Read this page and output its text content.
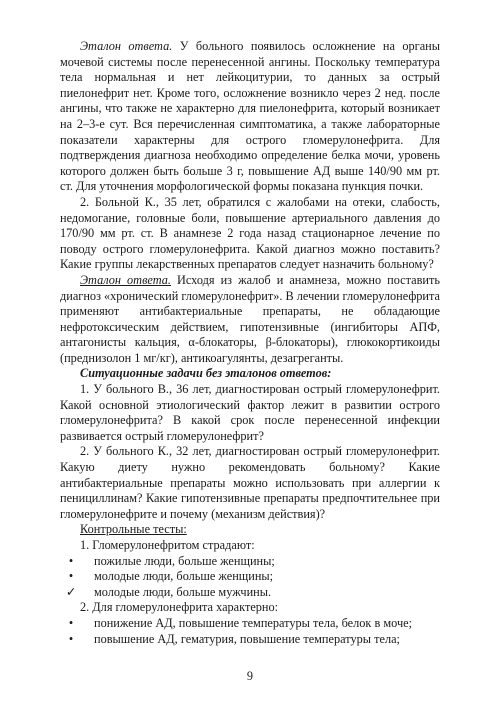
Эталон ответа. У больного появилось осложнение на органы мочевой системы после перенесенной ангины. Поскольку температура тела нормальная и нет лейкоцитурии, то данных за острый пиелонефрит нет. Кроме того, осложнение возникло через 2 нед. после ангины, что также не характерно для пиелонефрита, который возникает на 2–3-е сут. Вся перечисленная симптоматика, а также лабораторные показатели характерны для острого гломерулонефрита. Для подтверждения диагноза необходимо определение белка мочи, уровень которого должен быть больше 3 г, повышение АД выше 140/90 мм рт. ст. Для уточнения морфологической формы показана пункция почки.

2. Больной К., 35 лет, обратился с жалобами на отеки, слабость, недомогание, головные боли, повышение артериального давления до 170/90 мм рт. ст. В анамнезе 2 года назад стационарное лечение по поводу острого гломерулонефрита. Какой диагноз можно поставить? Какие группы лекарственных препаратов следует назначить больному?

Эталон ответа. Исходя из жалоб и анамнеза, можно поставить диагноз «хронический гломерулонефрит». В лечении гломерулонефрита применяют антибактериальные препараты, не обладающие нефротоксическим действием, гипотензивные (ингибиторы АПФ, антагонисты кальция, α-блокаторы, β-блокаторы), глюкокортикоиды (преднизолон 1 мг/кг), антикоагулянты, дезагреганты.

Ситуационные задачи без эталонов ответов:

1. У больного В., 36 лет, диагностирован острый гломерулонефрит. Какой основной этиологический фактор лежит в развитии острого гломерулонефрита? В какой срок после перенесенной инфекции развивается острый гломерулонефрит?

2. У больного К., 32 лет, диагностирован острый гломерулонефрит. Какую диету нужно рекомендовать больному? Какие антибактериальные препараты можно использовать при аллергии к пенициллинам? Какие гипотензивные препараты предпочтительнее при гломерулонефрите и почему (механизм действия)?

Контрольные тесты:

1. Гломерулонефритом страдают:

•	пожилые люди, больше женщины;
•	молодые люди, больше женщины;
✓ молодые люди, больше мужчины.

2. Для гломерулонефрита характерно:

•	понижение АД, повышение температуры тела, белок в моче;
•	повышение АД, гематурия, повышение температуры тела;
9
